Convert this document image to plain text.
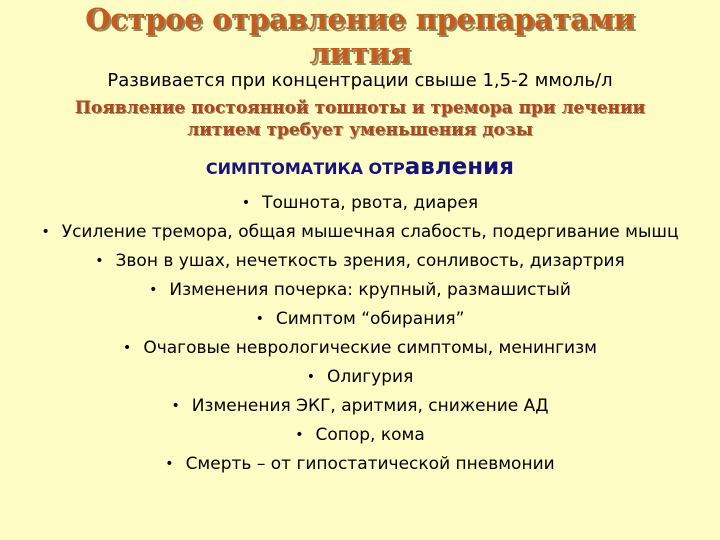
Острое отравление препаратами лития
Развивается при концентрации свыше 1,5-2 ммоль/л
Появление постоянной тошноты и тремора при лечении литием требует уменьшения дозы
СИМПТОМАТИКА ОТРавления
• Тошнота, рвота, диарея
• Усиление тремора, общая мышечная слабость, подергивание мышц
• Звон в ушах, нечеткость зрения, сонливость, дизартрия
• Изменения почерка: крупный, размашистый
• Симптом “обирания”
• Очаговые неврологические симптомы, менингизм
• Олигурия
• Изменения ЭКГ, аритмия, снижение АД
• Сопор, кома
• Смерть – от гипостатической пневмонии
